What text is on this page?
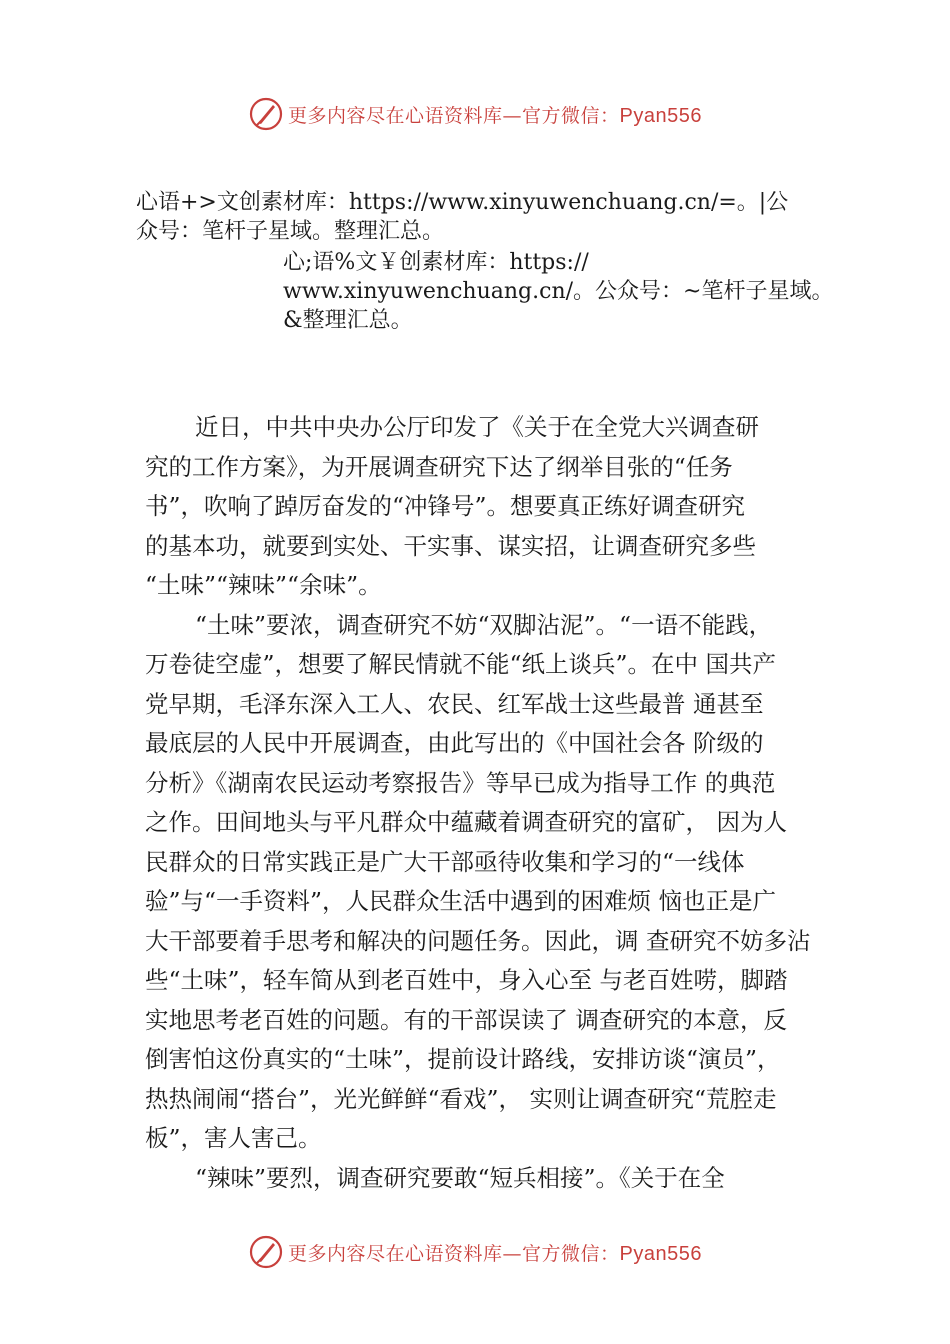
更多内容尽在心语资料库—官方微信：Pyan556
心语+>文创素材库：https://www.xinyuwenchuang.cn/=。|公
众号：笔杆子星域。整理汇总。
心;语%文￥创素材库：https://
www.xinyuwenchuang.cn/。公众号：~笔杆子星域。
&整理汇总。
近日，中共中央办公厅印发了《关于在全党大兴调查研
究的工作方案》，为开展调查研究下达了纲举目张的“任务
书”，吹响了踔厉奋发的“冲锋号”。想要真正练好调查研究
的基本功，就要到实处、干实事、谋实招，让调查研究多些
“土味”“辣味”“余味”。
“土味”要浓，调查研究不妨“双脚沾泥”。“一语不能践，
万卷徒空虚”，想要了解民情就不能“纸上谈兵”。在中 国共产
党早期，毛泽东深入工人、农民、红军战士这些最普 通甚至
最底层的人民中开展调查，由此写出的《中国社会各 阶级的
分析》《湖南农民运动考察报告》等早已成为指导工作 的典范
之作。田间地头与平凡群众中蕴藏着调查研究的富矿， 因为人
民群众的日常实践正是广大干部亟待收集和学习的“一线体
验”与“一手资料”，人民群众生活中遇到的困难烦 恼也正是广
大干部要着手思考和解决的问题任务。因此，调 查研究不妨多沾
些“土味”，轻车简从到老百姓中，身入心至 与老百姓唠，脚踏
实地思考老百姓的问题。有的干部误读了 调查研究的本意，反
倒害怕这份真实的“土味”，提前设计路线，安排访谈“演员”，
热热闹闹“搭台”，光光鲜鲜“看戏”， 实则让调查研究“荒腔走
板”，害人害己。
“辣味”要烈，调查研究要敢“短兵相接”。《关于在全
更多内容尽在心语资料库—官方微信：Pyan556
